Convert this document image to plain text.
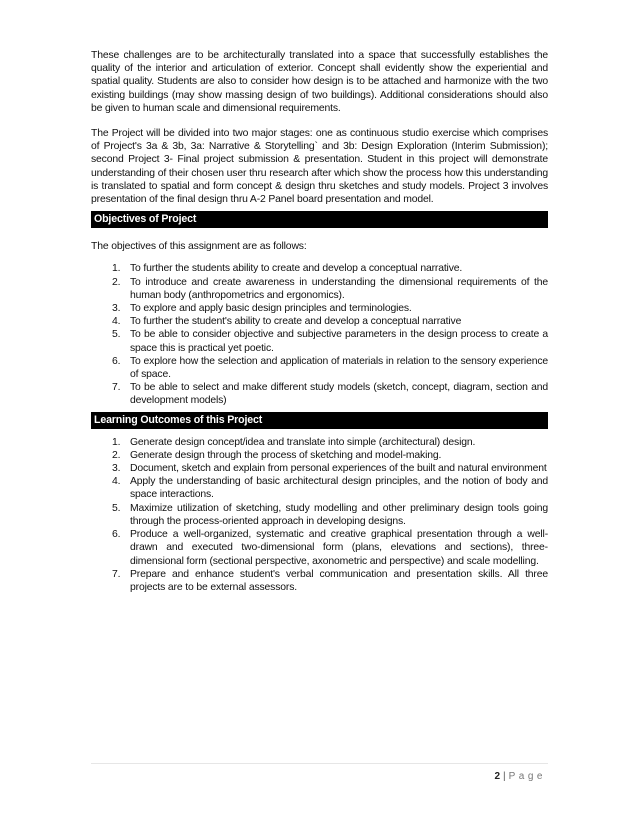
These challenges are to be architecturally translated into a space that successfully establishes the quality of the interior and articulation of exterior. Concept shall evidently show the experiential and spatial quality. Students are also to consider how design is to be attached and harmonize with the two existing buildings (may show massing design of two buildings). Additional considerations should also be given to human scale and dimensional requirements.

The Project will be divided into two major stages: one as continuous studio exercise which comprises of Project's 3a & 3b, 3a: Narrative & Storytelling` and 3b: Design Exploration (Interim Submission); second Project 3- Final project submission & presentation. Student in this project will demonstrate understanding of their chosen user thru research after which show the process how this understanding is translated to spatial and form concept & design thru sketches and study models. Project 3 involves presentation of the final design thru A-2 Panel board presentation and model.

Objectives of Project

The objectives of this assignment are as follows:

1. To further the students ability to create and develop a conceptual narrative.
2. To introduce and create awareness in understanding the dimensional requirements of the human body (anthropometrics and ergonomics).
3. To explore and apply basic design principles and terminologies.
4. To further the student's ability to create and develop a conceptual narrative
5. To be able to consider objective and subjective parameters in the design process to create a space this is practical yet poetic.
6. To explore how the selection and application of materials in relation to the sensory experience of space.
7. To be able to select and make different study models (sketch, concept, diagram, section and development models)
Learning Outcomes of this Project
1. Generate design concept/idea and translate into simple (architectural) design.
2. Generate design through the process of sketching and model-making.
3. Document, sketch and explain from personal experiences of the built and natural environment
4. Apply the understanding of basic architectural design principles, and the notion of body and space interactions.
5. Maximize utilization of sketching, study modelling and other preliminary design tools going through the process-oriented approach in developing designs.
6. Produce a well-organized, systematic and creative graphical presentation through a well-drawn and executed two-dimensional form (plans, elevations and sections), three-dimensional form (sectional perspective, axonometric and perspective) and scale modelling.
7. Prepare and enhance student's verbal communication and presentation skills. All three projects are to be external assessors.
2 | Page
